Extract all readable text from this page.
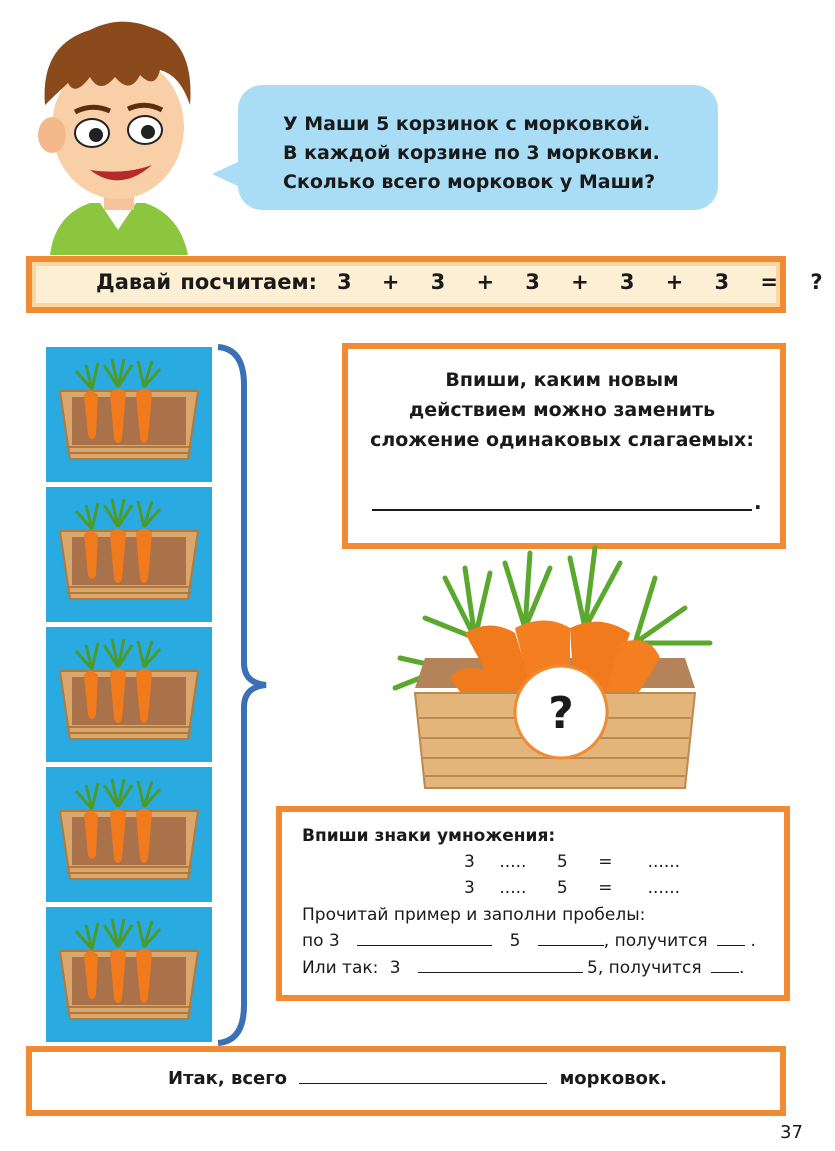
У Маши 5 корзинок с морковкой.
В каждой корзине по 3 морковки.
Сколько всего морковок у Маши?
Давай посчитаем: 3 + 3 + 3 + 3 + 3 = ?
Впиши, каким новым
действием можно заменить
сложение одинаковых слагаемых:
.
?
Впиши знаки умножения:
3 ..... 5 = ......
3 ..... 5 = ......
Прочитай пример и заполни пробелы:
по 3	5	, получится	.
Или так: 3	5, получится .
Итак, всего	морковок.
37
